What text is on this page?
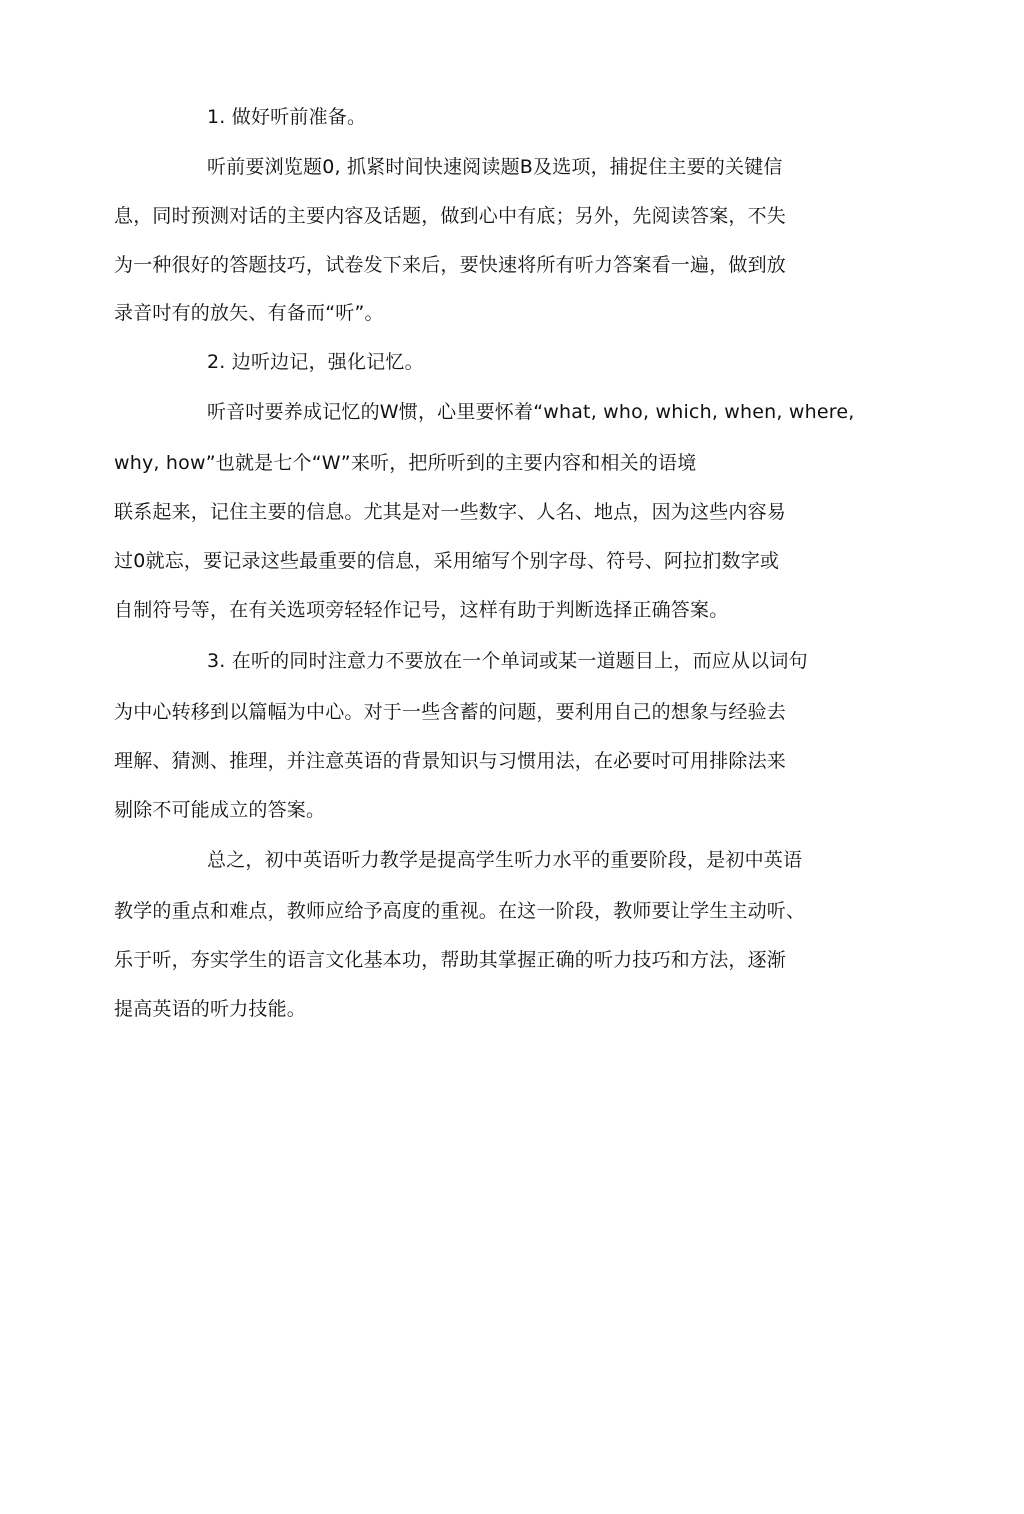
1. 做好听前准备。
听前要浏览题0, 抓紧时间快速阅读题B及选项，捕捉住主要的关键信
息，同时预测对话的主要内容及话题，做到心中有底；另外，先阅读答案，不失
为一种很好的答题技巧，试卷发下来后，要快速将所有听力答案看一遍，做到放
录音吋有的放矢、有备而“听”。
2. 边听边记，强化记忆。
听音吋要养成记忆的W惯，心里要怀着“what, who, which, when, where,
why, how”也就是七个“W”来听，把所听到的主要内容和相关的语境
联系起来，记住主要的信息。尤其是对一些数字、人名、地点，因为这些内容易
过0就忘，要记录这些最重要的信息，采用缩写个别字母、符号、阿拉扪数字或
自制符号等，在有关选项旁轻轻作记号，这样有助于判断选择正确答案。
3. 在听的同时注意力不要放在一个单词或某一道题目上，而应从以词句
为中心转移到以篇幅为中心。对于一些含蓄的问题，要利用自己的想象与经验去
理解、猜测、推理，并注意英语的背景知识与习惯用法，在必要吋可用排除法来
剔除不可能成立的答案。
总之，初中英语听力教学是提高学生听力水平的重要阶段，是初中英语
教学的重点和难点，教师应给予高度的重视。在这一阶段，教师要让学生主动听、
乐于听，夯实学生的语言文化基本功，帮助其掌握正确的听力技巧和方法，逐渐
提高英语的听力技能。
